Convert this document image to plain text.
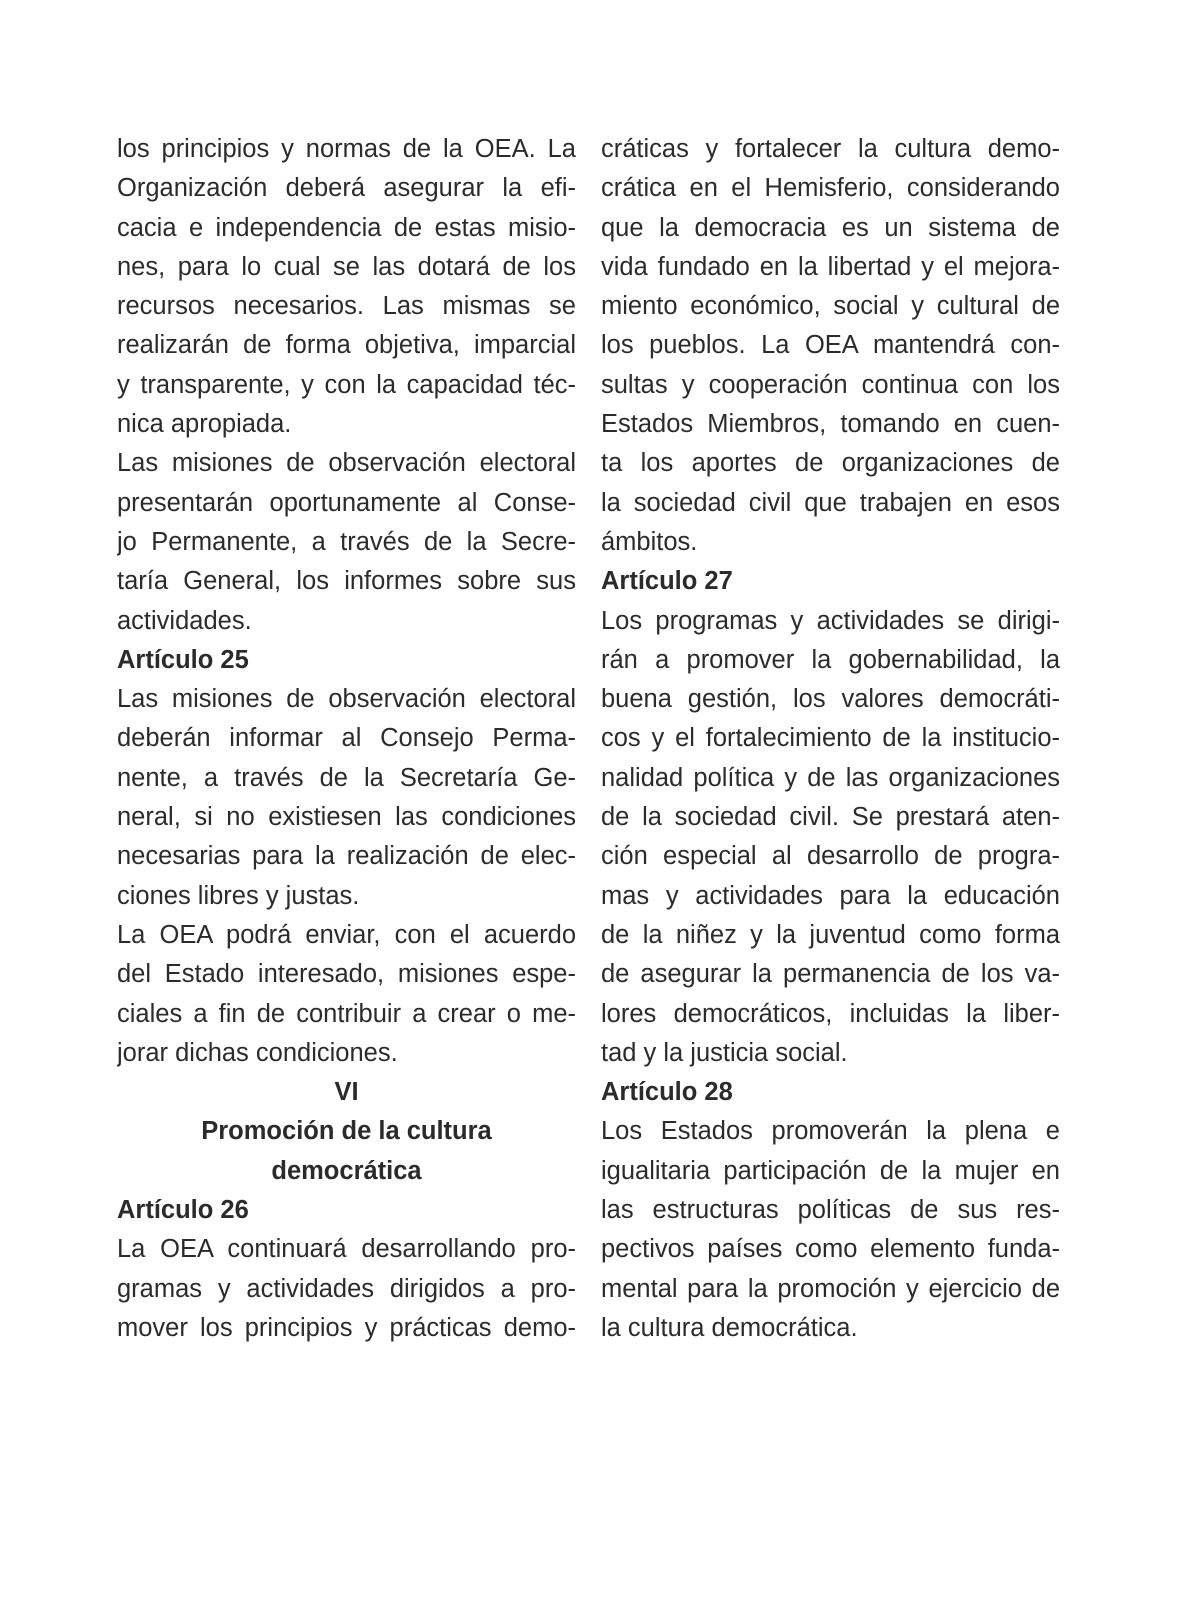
los principios y normas de la OEA. La
Organización deberá asegurar la efi-
cacia e independencia de estas misio-
nes, para lo cual se las dotará de los
recursos necesarios. Las mismas se
realizarán de forma objetiva, imparcial
y transparente, y con la capacidad téc-
nica apropiada.
Las misiones de observación electoral
presentarán oportunamente al Conse-
jo Permanente, a través de la Secre-
taría General, los informes sobre sus
actividades.
Artículo 25
Las misiones de observación electoral
deberán informar al Consejo Perma-
nente, a través de la Secretaría Ge-
neral, si no existiesen las condiciones
necesarias para la realización de elec-
ciones libres y justas.
La OEA podrá enviar, con el acuerdo
del Estado interesado, misiones espe-
ciales a fin de contribuir a crear o me-
jorar dichas condiciones.
VI
Promoción de la cultura
democrática
Artículo 26
La OEA continuará desarrollando pro-
gramas y actividades dirigidos a pro-
mover los principios y prácticas demo-
cráticas y fortalecer la cultura demo-
crática en el Hemisferio, considerando
que la democracia es un sistema de
vida fundado en la libertad y el mejora-
miento económico, social y cultural de
los pueblos. La OEA mantendrá con-
sultas y cooperación continua con los
Estados Miembros, tomando en cuen-
ta los aportes de organizaciones de
la sociedad civil que trabajen en esos
ámbitos.
Artículo 27
Los programas y actividades se dirigi-
rán a promover la gobernabilidad, la
buena gestión, los valores democráti-
cos y el fortalecimiento de la institucio-
nalidad política y de las organizaciones
de la sociedad civil. Se prestará aten-
ción especial al desarrollo de progra-
mas y actividades para la educación
de la niñez y la juventud como forma
de asegurar la permanencia de los va-
lores democráticos, incluidas la liber-
tad y la justicia social.
Artículo 28
Los Estados promoverán la plena e
igualitaria participación de la mujer en
las estructuras políticas de sus res-
pectivos países como elemento funda-
mental para la promoción y ejercicio de
la cultura democrática.
